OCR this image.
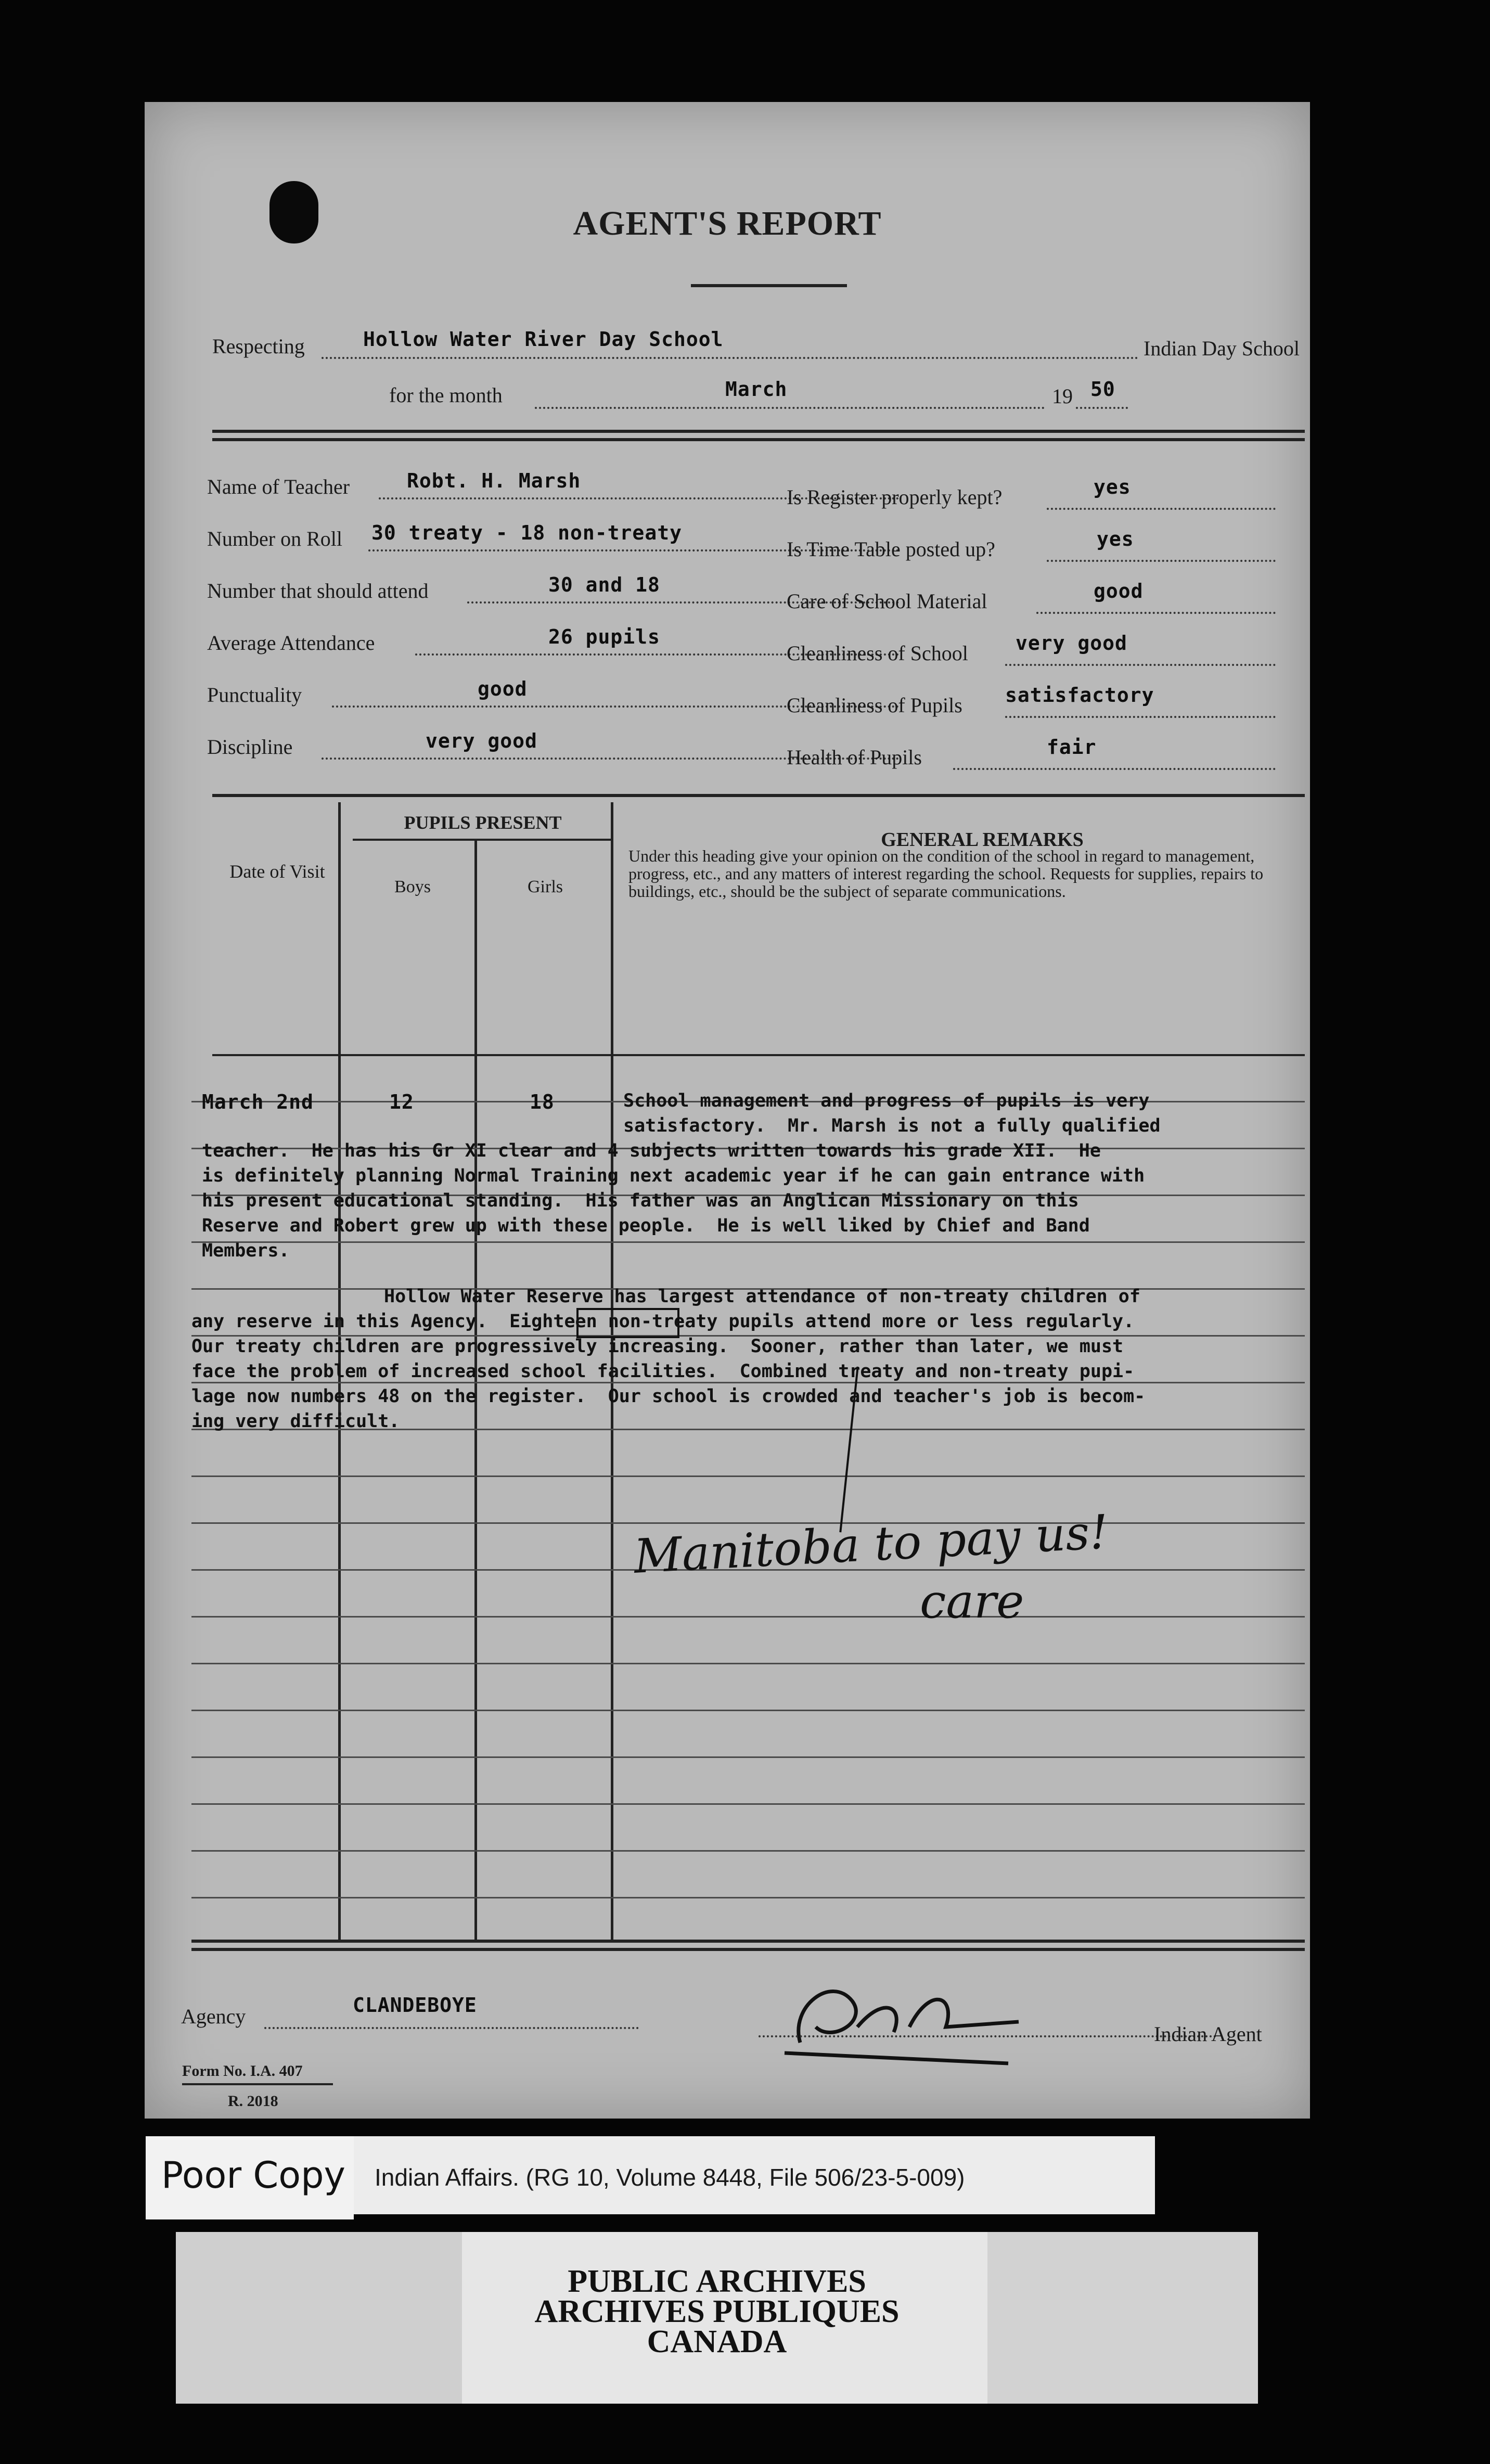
AGENT'S REPORT
Respecting	Hollow Water River Day School	Indian Day School
for the month	March	19 50
Name of Teacher	Robt. H. Marsh
Number on Roll 30 treaty - 18 non-treaty
Number that should attend	30 and 18
Average Attendance	26 pupils
Punctuality	good
Discipline	very good
Is Register properly kept?	yes
Is Time Table posted up?	yes
Care of School Material	good
Cleanliness of School very good
Cleanliness of Pupils satisfactory
Health of Pupils	fair
Date of Visit
PUPILS PRESENT
Boys	Girls
GENERAL REMARKS
Under this heading give your opinion on the condition of the school in regard to management, progress, etc., and any matters of interest regarding the school. Requests for supplies, repairs to buildings, etc., should be the subject of separate communications.
March 2nd	12	18	School management and progress of pupils is very
satisfactory.  Mr. Marsh is not a fully qualified
teacher.  He has his Gr XI clear and 4 subjects written towards his grade XII.  He
is definitely planning Normal Training next academic year if he can gain entrance with
his present educational standing.  His father was an Anglican Missionary on this
Reserve and Robert grew up with these people.  He is well liked by Chief and Band
Members.
Hollow Water Reserve has largest attendance of non-treaty children of
any reserve in this Agency.  Eighteen non-treaty pupils attend more or less regularly.
Our treaty children are progressively increasing.  Sooner, rather than later, we must
face the problem of increased school facilities.  Combined treaty and non-treaty pupi-
lage now numbers 48 on the register.  Our school is crowded and teacher's job is becom-
ing very difficult.
Manitoba to pay us!
care
Agency	CLANDEBOYE
Indian Agent
Form No. I.A. 407
R. 2018
Poor Copy Indian Affairs. (RG 10, Volume 8448, File 506/23-5-009)
PUBLIC ARCHIVES
ARCHIVES PUBLIQUES
CANADA
